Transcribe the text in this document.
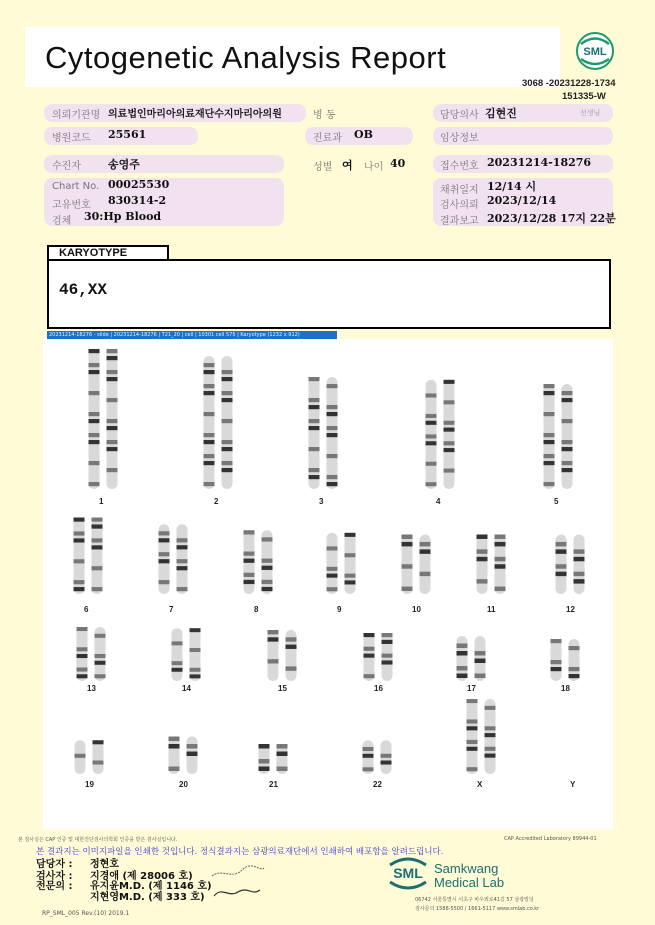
Cytogenetic Analysis Report	SML
3068 -20231228-1734
151335-W
의뢰기관명 의료법인마리아의료재단수지마리아의원	병 동	담당의사 김현진	선생님
병원코드 25561	진료과 OB	임상정보
수진자 송영주	성별 여 나이 40	접수번호 20231214-18276
Chart No. 00025530
고유번호 830314-2
검체 30:Hp Blood
채취일지 12/14 시
검사의뢰 2023/12/14
결과보고 2023/12/28 17지 22분
KARYOTYPE
46,XX
20231214-18276 - slide | 20231214-18276 | T21_20 | cell | 10301 cell 575 | Karyotype (1232 x 912)
1	2	3	4	5
6	7	8	9	10	11	12
13	14	15	16	17	18
19	20	21	22	X	Y
본 검사실은 CAP 인증 및 대한진단검사의학회 인증을 받은 검사실입니다.	CAP Accredited Laboratory 89944-01
본 결과지는 이미지파일을 인쇄한 것입니다. 정식결과지는 삼광의료재단에서 인쇄하여 배포함을 알려드립니다.
담당자 : 정현호
검사자 : 지경애 (제 28006 호)
전문의 : 유지윤M.D. (제 1146 호)
지현영M.D. (제 333 호)
SML Samkwang
Medical Lab
06742 서울특별시 서초구 바우뫼로41길 57 삼광빌딩
검사문의 1588-5500 / 1661-5117 www.smlab.co.kr
RP_SML_005 Rev.(10) 2019.1
